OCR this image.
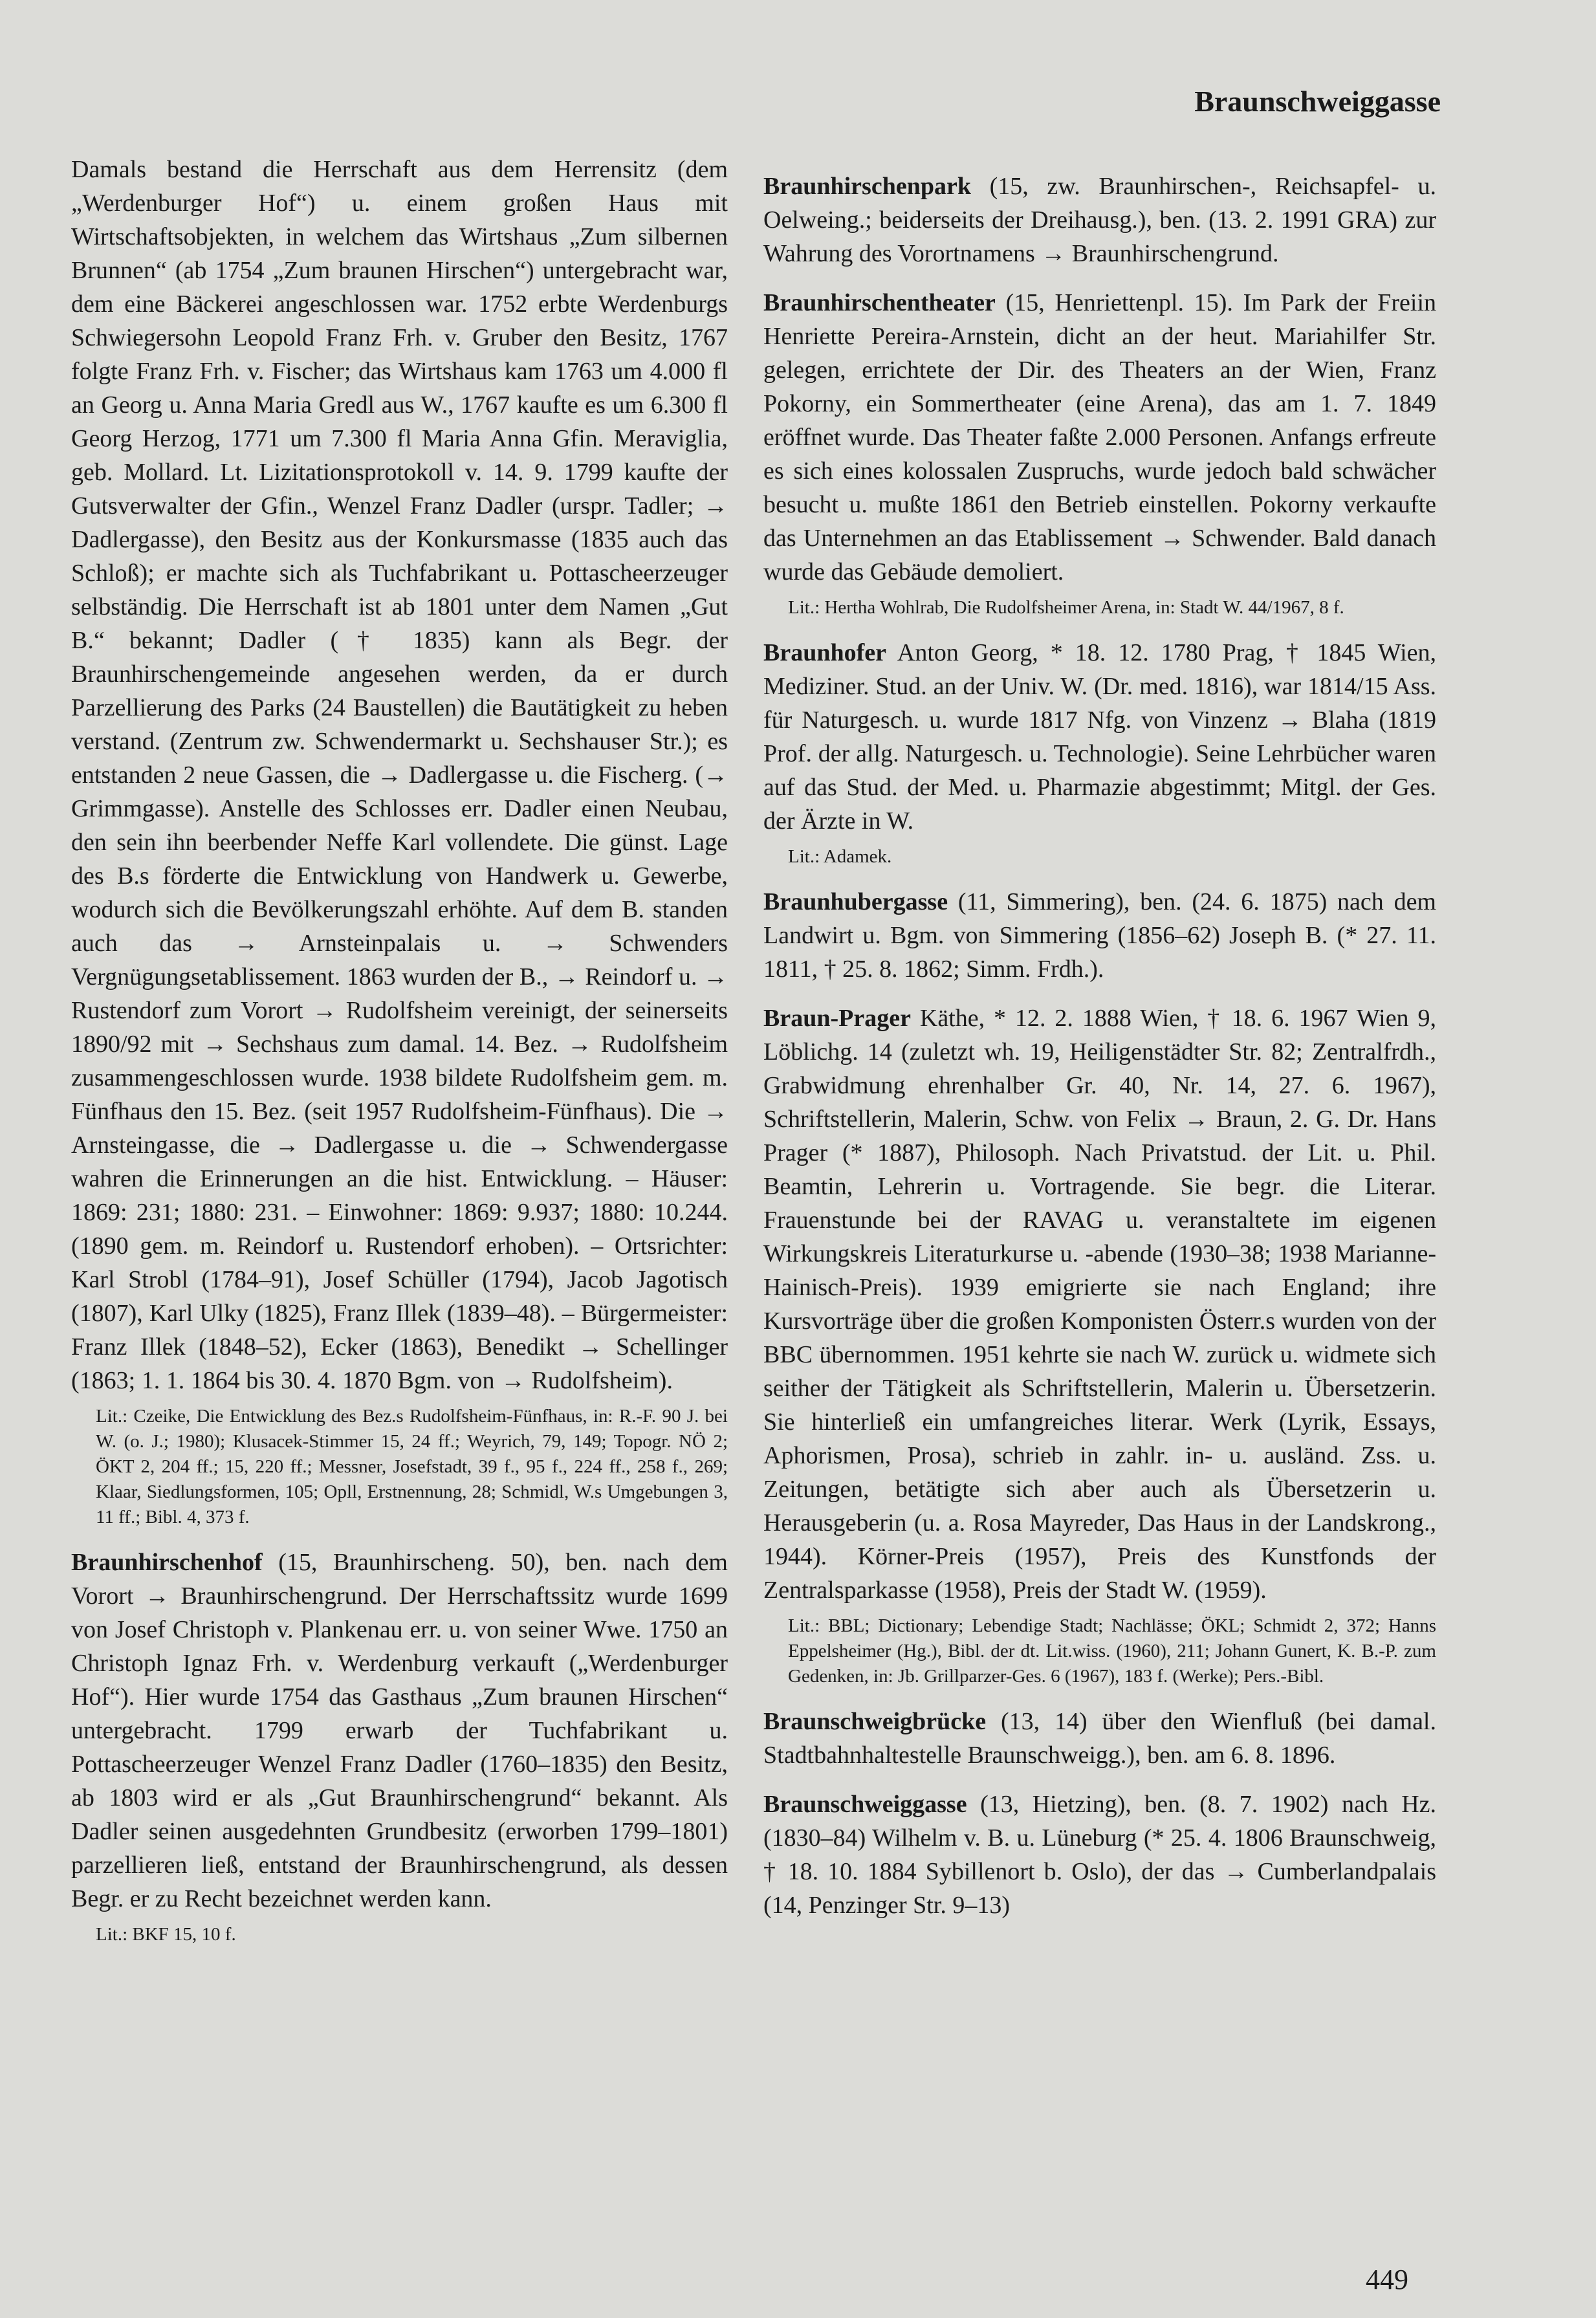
Braunschweiggasse

Damals bestand die Herrschaft aus dem Herrensitz (dem „Werdenburger Hof“) u. einem großen Haus mit Wirtschaftsobjekten, in welchem das Wirtshaus „Zum silbernen Brunnen“ (ab 1754 „Zum braunen Hirschen“) untergebracht war, dem eine Bäckerei angeschlossen war. 1752 erbte Werdenburgs Schwiegersohn Leopold Franz Frh. v. Gruber den Besitz, 1767 folgte Franz Frh. v. Fischer; das Wirtshaus kam 1763 um 4.000 fl an Georg u. Anna Maria Gredl aus W., 1767 kaufte es um 6.300 fl Georg Herzog, 1771 um 7.300 fl Maria Anna Gfin. Meraviglia, geb. Mollard. Lt. Lizitationsprotokoll v. 14. 9. 1799 kaufte der Gutsverwalter der Gfin., Wenzel Franz Dadler (urspr. Tadler; → Dadlergasse), den Besitz aus der Konkursmasse (1835 auch das Schloß); er machte sich als Tuchfabrikant u. Pottascheerzeuger selbständig. Die Herrschaft ist ab 1801 unter dem Namen „Gut B.“ bekannt; Dadler († 1835) kann als Begr. der Braunhirschengemeinde angesehen werden, da er durch Parzellierung des Parks (24 Baustellen) die Bautätigkeit zu heben verstand. (Zentrum zw. Schwendermarkt u. Sechshauser Str.); es entstanden 2 neue Gassen, die → Dadlergasse u. die Fischerg. (→ Grimmgasse). Anstelle des Schlosses err. Dadler einen Neubau, den sein ihn beerbender Neffe Karl vollendete. Die günst. Lage des B.s förderte die Entwicklung von Handwerk u. Gewerbe, wodurch sich die Bevölkerungszahl erhöhte. Auf dem B. standen auch das → Arnsteinpalais u. → Schwenders Vergnügungsetablissement. 1863 wurden der B., → Reindorf u. → Rustendorf zum Vorort → Rudolfsheim vereinigt, der seinerseits 1890/92 mit → Sechshaus zum damal. 14. Bez. → Rudolfsheim zusammengeschlossen wurde. 1938 bildete Rudolfsheim gem. m. Fünfhaus den 15. Bez. (seit 1957 Rudolfsheim-Fünfhaus). Die → Arnsteingasse, die → Dadlergasse u. die → Schwendergasse wahren die Erinnerungen an die hist. Entwicklung. – Häuser: 1869: 231; 1880: 231. – Einwohner: 1869: 9.937; 1880: 10.244. (1890 gem. m. Reindorf u. Rustendorf erhoben). – Ortsrichter: Karl Strobl (1784–91), Josef Schüller (1794), Jacob Jagotisch (1807), Karl Ulky (1825), Franz Illek (1839–48). – Bürgermeister: Franz Illek (1848–52), Ecker (1863), Benedikt → Schellinger (1863; 1. 1. 1864 bis 30. 4. 1870 Bgm. von → Rudolfsheim).

Lit.: Czeike, Die Entwicklung des Bez.s Rudolfsheim-Fünfhaus, in: R.-F. 90 J. bei W. (o. J.; 1980); Klusacek-Stimmer 15, 24 ff.; Weyrich, 79, 149; Topogr. NÖ 2; ÖKT 2, 204 ff.; 15, 220 ff.; Messner, Josefstadt, 39 f., 95 f., 224 ff., 258 f., 269; Klaar, Siedlungsformen, 105; Opll, Erstnennung, 28; Schmidl, W.s Umgebungen 3, 11 ff.; Bibl. 4, 373 f.

Braunhirschenhof (15, Braunhirscheng. 50), ben. nach dem Vorort → Braunhirschengrund. Der Herrschaftssitz wurde 1699 von Josef Christoph v. Plankenau err. u. von seiner Wwe. 1750 an Christoph Ignaz Frh. v. Werdenburg verkauft („Werdenburger Hof“). Hier wurde 1754 das Gasthaus „Zum braunen Hirschen“ untergebracht. 1799 erwarb der Tuchfabrikant u. Pottascheerzeuger Wenzel Franz Dadler (1760–1835) den Besitz, ab 1803 wird er als „Gut Braunhirschengrund“ bekannt. Als Dadler seinen ausgedehnten Grundbesitz (erworben 1799–1801) parzellieren ließ, entstand der Braunhirschengrund, als dessen Begr. er zu Recht bezeichnet werden kann.

Lit.: BKF 15, 10 f.

Braunhirschenpark (15, zw. Braunhirschen-, Reichsapfel- u. Oelweing.; beiderseits der Dreihausg.), ben. (13. 2. 1991 GRA) zur Wahrung des Vorortnamens → Braunhirschengrund.

Braunhirschentheater (15, Henriettenpl. 15). Im Park der Freiin Henriette Pereira-Arnstein, dicht an der heut. Mariahilfer Str. gelegen, errichtete der Dir. des Theaters an der Wien, Franz Pokorny, ein Sommertheater (eine Arena), das am 1. 7. 1849 eröffnet wurde. Das Theater faßte 2.000 Personen. Anfangs erfreute es sich eines kolossalen Zuspruchs, wurde jedoch bald schwächer besucht u. mußte 1861 den Betrieb einstellen. Pokorny verkaufte das Unternehmen an das Etablissement → Schwender. Bald danach wurde das Gebäude demoliert.

Lit.: Hertha Wohlrab, Die Rudolfsheimer Arena, in: Stadt W. 44/1967, 8 f.

Braunhofer Anton Georg, * 18. 12. 1780 Prag, † 1845 Wien, Mediziner. Stud. an der Univ. W. (Dr. med. 1816), war 1814/15 Ass. für Naturgesch. u. wurde 1817 Nfg. von Vinzenz → Blaha (1819 Prof. der allg. Naturgesch. u. Technologie). Seine Lehrbücher waren auf das Stud. der Med. u. Pharmazie abgestimmt; Mitgl. der Ges. der Ärzte in W.

Lit.: Adamek.

Braunhubergasse (11, Simmering), ben. (24. 6. 1875) nach dem Landwirt u. Bgm. von Simmering (1856–62) Joseph B. (* 27. 11. 1811, † 25. 8. 1862; Simm. Frdh.).

Braun-Prager Käthe, * 12. 2. 1888 Wien, † 18. 6. 1967 Wien 9, Löblichg. 14 (zuletzt wh. 19, Heiligenstädter Str. 82; Zentralfrdh., Grabwidmung ehrenhalber Gr. 40, Nr. 14, 27. 6. 1967), Schriftstellerin, Malerin, Schw. von Felix → Braun, 2. G. Dr. Hans Prager (* 1887), Philosoph. Nach Privatstud. der Lit. u. Phil. Beamtin, Lehrerin u. Vortragende. Sie begr. die Literar. Frauenstunde bei der RAVAG u. veranstaltete im eigenen Wirkungskreis Literaturkurse u. -abende (1930–38; 1938 Marianne-Hainisch-Preis). 1939 emigrierte sie nach England; ihre Kursvorträge über die großen Komponisten Österr.s wurden von der BBC übernommen. 1951 kehrte sie nach W. zurück u. widmete sich seither der Tätigkeit als Schriftstellerin, Malerin u. Übersetzerin. Sie hinterließ ein umfangreiches literar. Werk (Lyrik, Essays, Aphorismen, Prosa), schrieb in zahlr. in- u. ausländ. Zss. u. Zeitungen, betätigte sich aber auch als Übersetzerin u. Herausgeberin (u. a. Rosa Mayreder, Das Haus in der Landskrong., 1944). Körner-Preis (1957), Preis des Kunstfonds der Zentralsparkasse (1958), Preis der Stadt W. (1959).

Lit.: BBL; Dictionary; Lebendige Stadt; Nachlässe; ÖKL; Schmidt 2, 372; Hanns Eppelsheimer (Hg.), Bibl. der dt. Lit.wiss. (1960), 211; Johann Gunert, K. B.-P. zum Gedenken, in: Jb. Grillparzer-Ges. 6 (1967), 183 f. (Werke); Pers.-Bibl.

Braunschweigbrücke (13, 14) über den Wienfluß (bei damal. Stadtbahnhaltestelle Braunschweigg.), ben. am 6. 8. 1896.

Braunschweiggasse (13, Hietzing), ben. (8. 7. 1902) nach Hz. (1830–84) Wilhelm v. B. u. Lüneburg (* 25. 4. 1806 Braunschweig, † 18. 10. 1884 Sybillenort b. Oslo), der das → Cumberlandpalais (14, Penzinger Str. 9–13)

449
